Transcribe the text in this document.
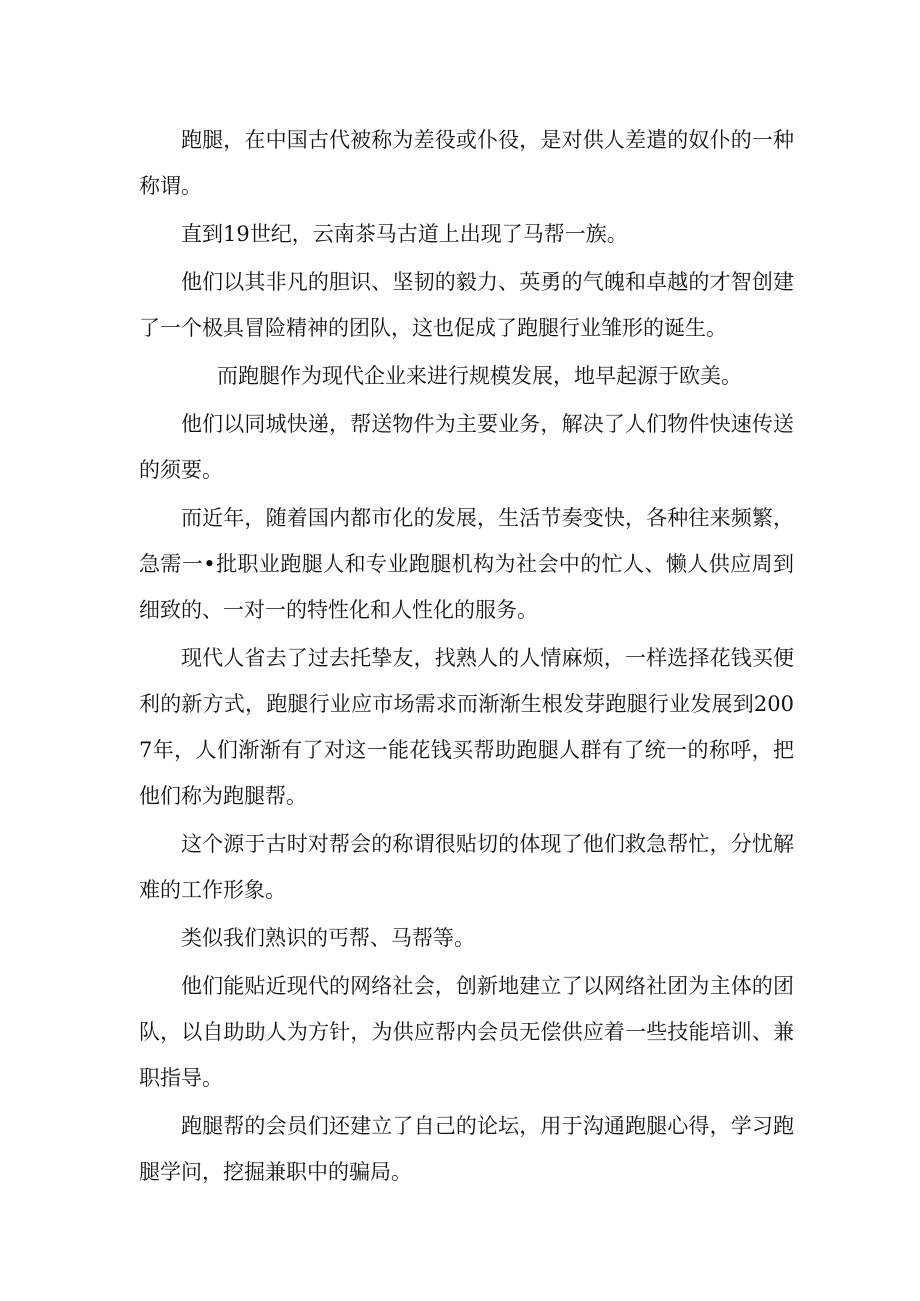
跑腿，在中国古代被称为差役或仆役，是对供人差遣的奴仆的一种称谓。

直到19世纪，云南茶马古道上出现了马帮一族。

他们以其非凡的胆识、坚韧的毅力、英勇的气魄和卓越的才智创建了一个极具冒险精神的团队，这也促成了跑腿行业雏形的诞生。

而跑腿作为现代企业来进行规模发展，地早起源于欧美。

他们以同城快递，帮送物件为主要业务，解决了人们物件快速传送的须要。

而近年，随着国内都市化的发展，生活节奏变快，各种往来频繁，急需一•批职业跑腿人和专业跑腿机构为社会中的忙人、懒人供应周到细致的、一对一的特性化和人性化的服务。

现代人省去了过去托挚友，找熟人的人情麻烦，一样选择花钱买便利的新方式，跑腿行业应市场需求而渐渐生根发芽跑腿行业发展到2007年，人们渐渐有了对这一能花钱买帮助跑腿人群有了统一的称呼，把他们称为跑腿帮。

这个源于古时对帮会的称谓很贴切的体现了他们救急帮忙，分忧解难的工作形象。

类似我们熟识的丐帮、马帮等。

他们能贴近现代的网络社会，创新地建立了以网络社团为主体的团队，以自助助人为方针，为供应帮内会员无偿供应着一些技能培训、兼职指导。

跑腿帮的会员们还建立了自己的论坛，用于沟通跑腿心得，学习跑腿学问，挖掘兼职中的骗局。
